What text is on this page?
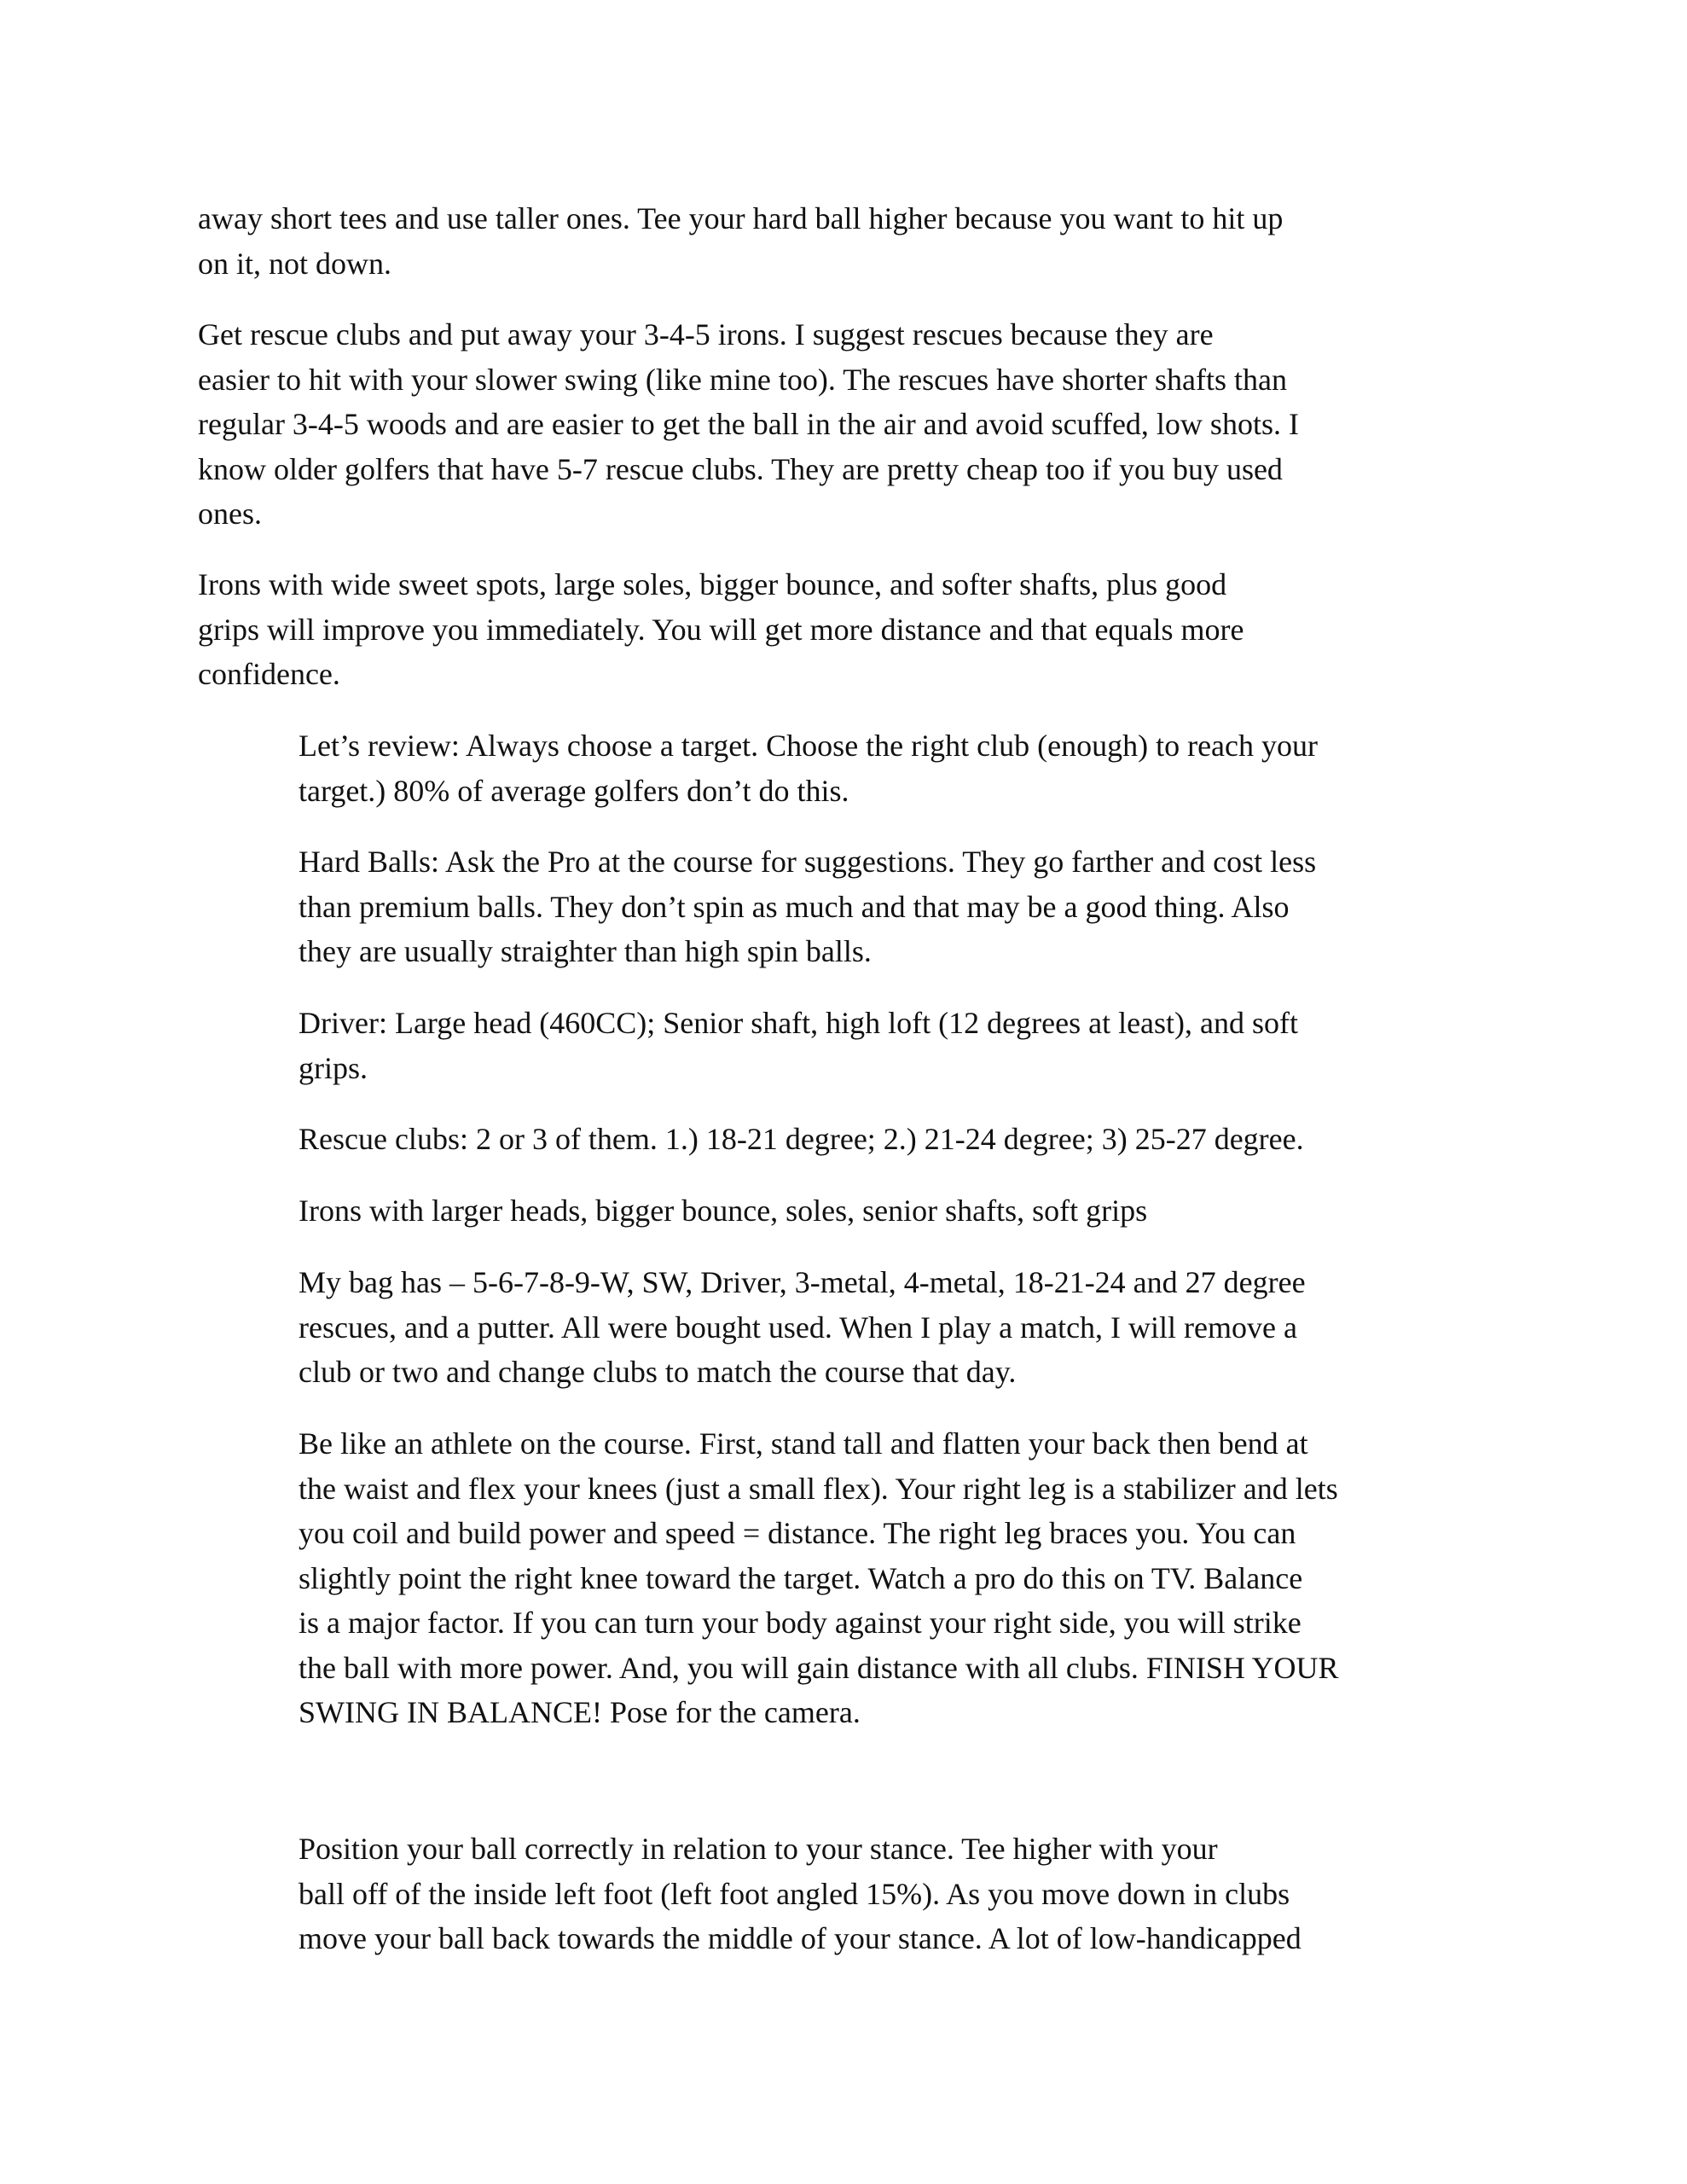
away short tees and use taller ones. Tee your hard ball higher because you want to hit up
on it, not down.

Get rescue clubs and put away your 3-4-5 irons. I suggest rescues because they are
easier to hit with your slower swing (like mine too). The rescues have shorter shafts than
regular 3-4-5 woods and are easier to get the ball in the air and avoid scuffed, low shots. I
know older golfers that have 5-7 rescue clubs. They are pretty cheap too if you buy used
ones.

Irons with wide sweet spots, large soles, bigger bounce, and softer shafts, plus good
grips will improve you immediately. You will get more distance and that equals more
confidence.

Let’s review: Always choose a target. Choose the right club (enough) to reach your
target.) 80% of average golfers don’t do this.

Hard Balls: Ask the Pro at the course for suggestions. They go farther and cost less
than premium balls. They don’t spin as much and that may be a good thing. Also
they are usually straighter than high spin balls.

Driver: Large head (460CC); Senior shaft, high loft (12 degrees at least), and soft
grips.

Rescue clubs: 2 or 3 of them. 1.) 18-21 degree; 2.) 21-24 degree; 3) 25-27 degree.

Irons with larger heads, bigger bounce, soles, senior shafts, soft grips

My bag has – 5-6-7-8-9-W, SW, Driver, 3-metal, 4-metal, 18-21-24 and 27 degree
rescues, and a putter. All were bought used. When I play a match, I will remove a
club or two and change clubs to match the course that day.

Be like an athlete on the course. First, stand tall and flatten your back then bend at
the waist and flex your knees (just a small flex). Your right leg is a stabilizer and lets
you coil and build power and speed = distance. The right leg braces you. You can
slightly point the right knee toward the target. Watch a pro do this on TV. Balance
is a major factor. If you can turn your body against your right side, you will strike
the ball with more power. And, you will gain distance with all clubs. FINISH YOUR
SWING IN BALANCE! Pose for the camera.

Position your ball correctly in relation to your stance. Tee higher with your
ball off of the inside left foot (left foot angled 15%). As you move down in clubs
move your ball back towards the middle of your stance. A lot of low-handicapped
